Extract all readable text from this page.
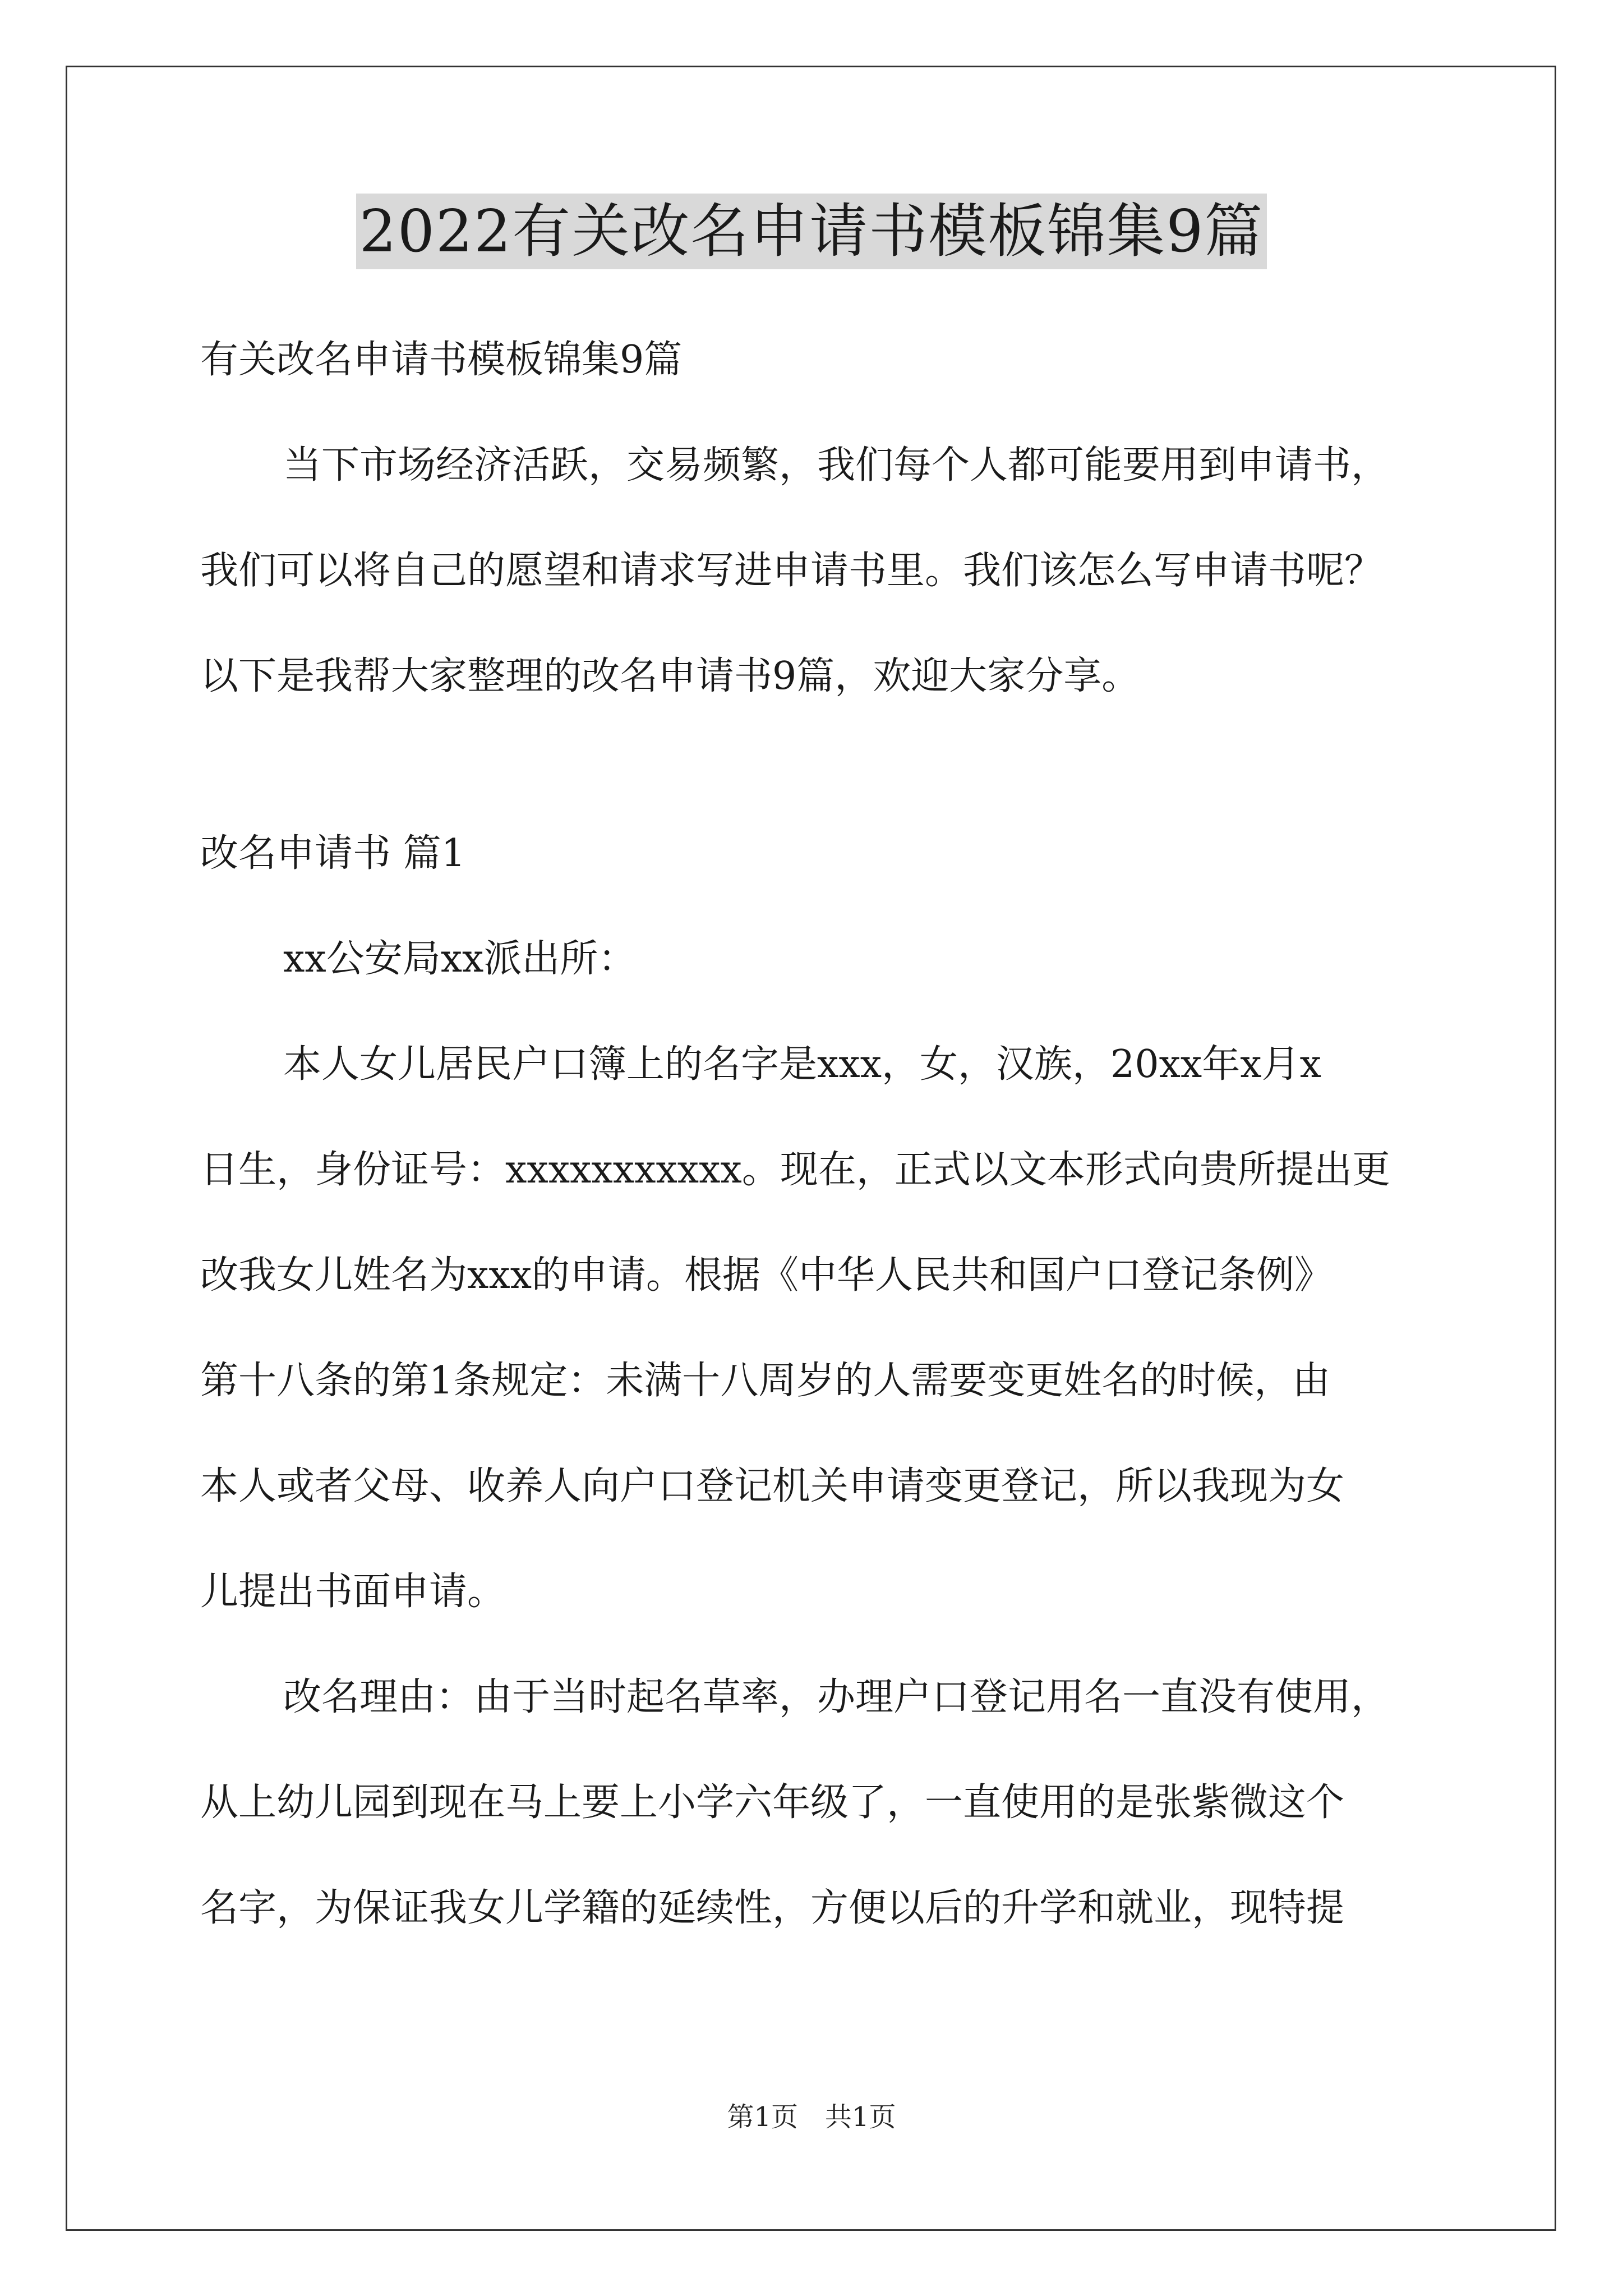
2022有关改名申请书模板锦集9篇

有关改名申请书模板锦集9篇

当下市场经济活跃，交易频繁，我们每个人都可能要用到申请书，
我们可以将自己的愿望和请求写进申请书里。我们该怎么写申请书呢？
以下是我帮大家整理的改名申请书9篇，欢迎大家分享。

改名申请书 篇1

xx公安局xx派出所：

本人女儿居民户口簿上的名字是xxx，女，汉族，20xx年x月x
日生，身份证号：xxxxxxxxxxx。现在，正式以文本形式向贵所提出更
改我女儿姓名为xxx的申请。根据《中华人民共和国户口登记条例》
第十八条的第1条规定：未满十八周岁的人需要变更姓名的时候，由
本人或者父母、收养人向户口登记机关申请变更登记，所以我现为女
儿提出书面申请。

改名理由：由于当时起名草率，办理户口登记用名一直没有使用，
从上幼儿园到现在马上要上小学六年级了，一直使用的是张紫微这个
名字，为保证我女儿学籍的延续性，方便以后的升学和就业，现特提

第1页　共1页
